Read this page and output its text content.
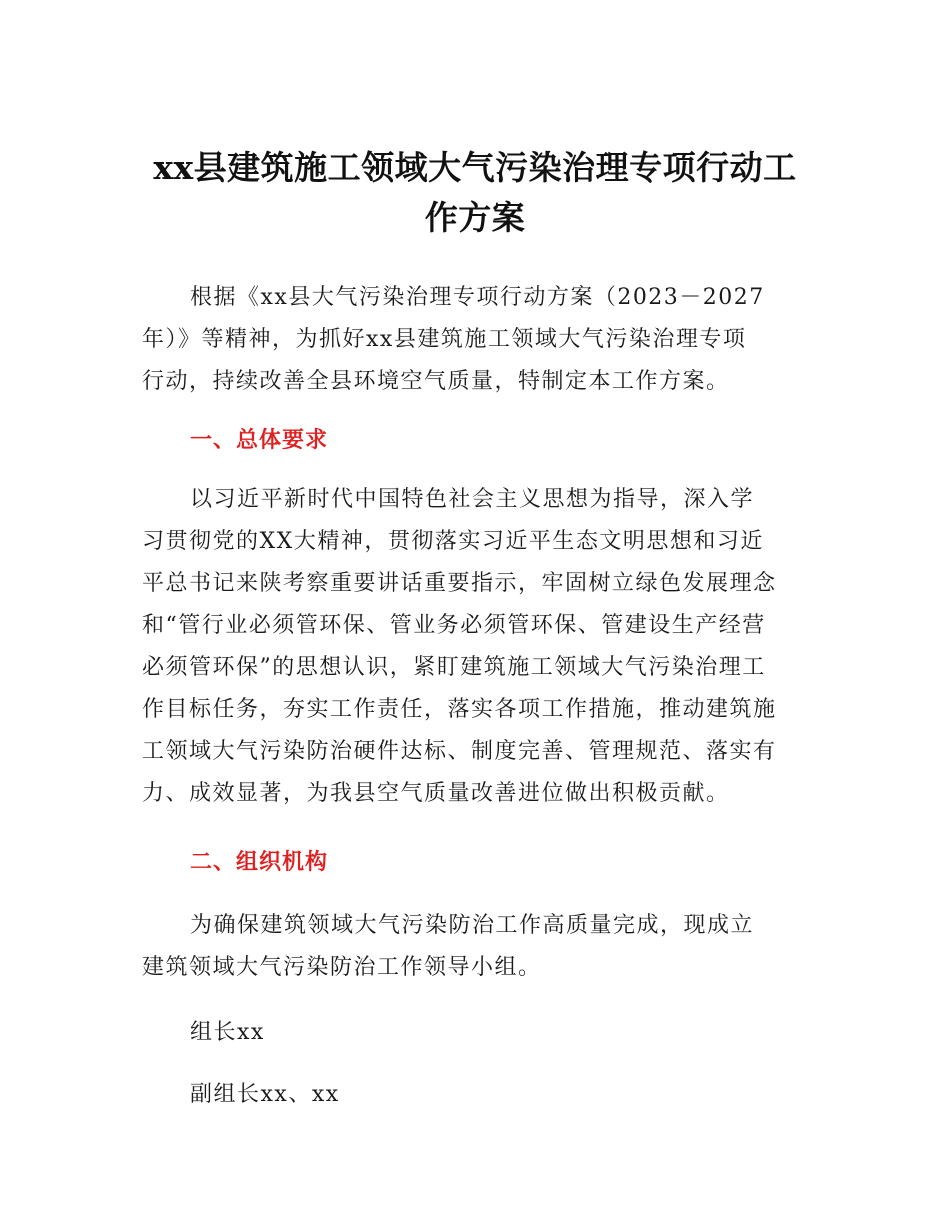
xx县建筑施工领域大气污染治理专项行动工
作方案

根据《xx县大气污染治理专项行动方案（2023－2027
年）》等精神，为抓好xx县建筑施工领域大气污染治理专项
行动，持续改善全县环境空气质量，特制定本工作方案。

一、总体要求

以习近平新时代中国特色社会主义思想为指导，深入学
习贯彻党的XX大精神，贯彻落实习近平生态文明思想和习近
平总书记来陕考察重要讲话重要指示，牢固树立绿色发展理念
和“管行业必须管环保、管业务必须管环保、管建设生产经营
必须管环保”的思想认识，紧盯建筑施工领域大气污染治理工
作目标任务，夯实工作责任，落实各项工作措施，推动建筑施
工领域大气污染防治硬件达标、制度完善、管理规范、落实有
力、成效显著，为我县空气质量改善进位做出积极贡献。

二、组织机构

为确保建筑领域大气污染防治工作高质量完成，现成立
建筑领域大气污染防治工作领导小组。

组长xx

副组长xx、xx
